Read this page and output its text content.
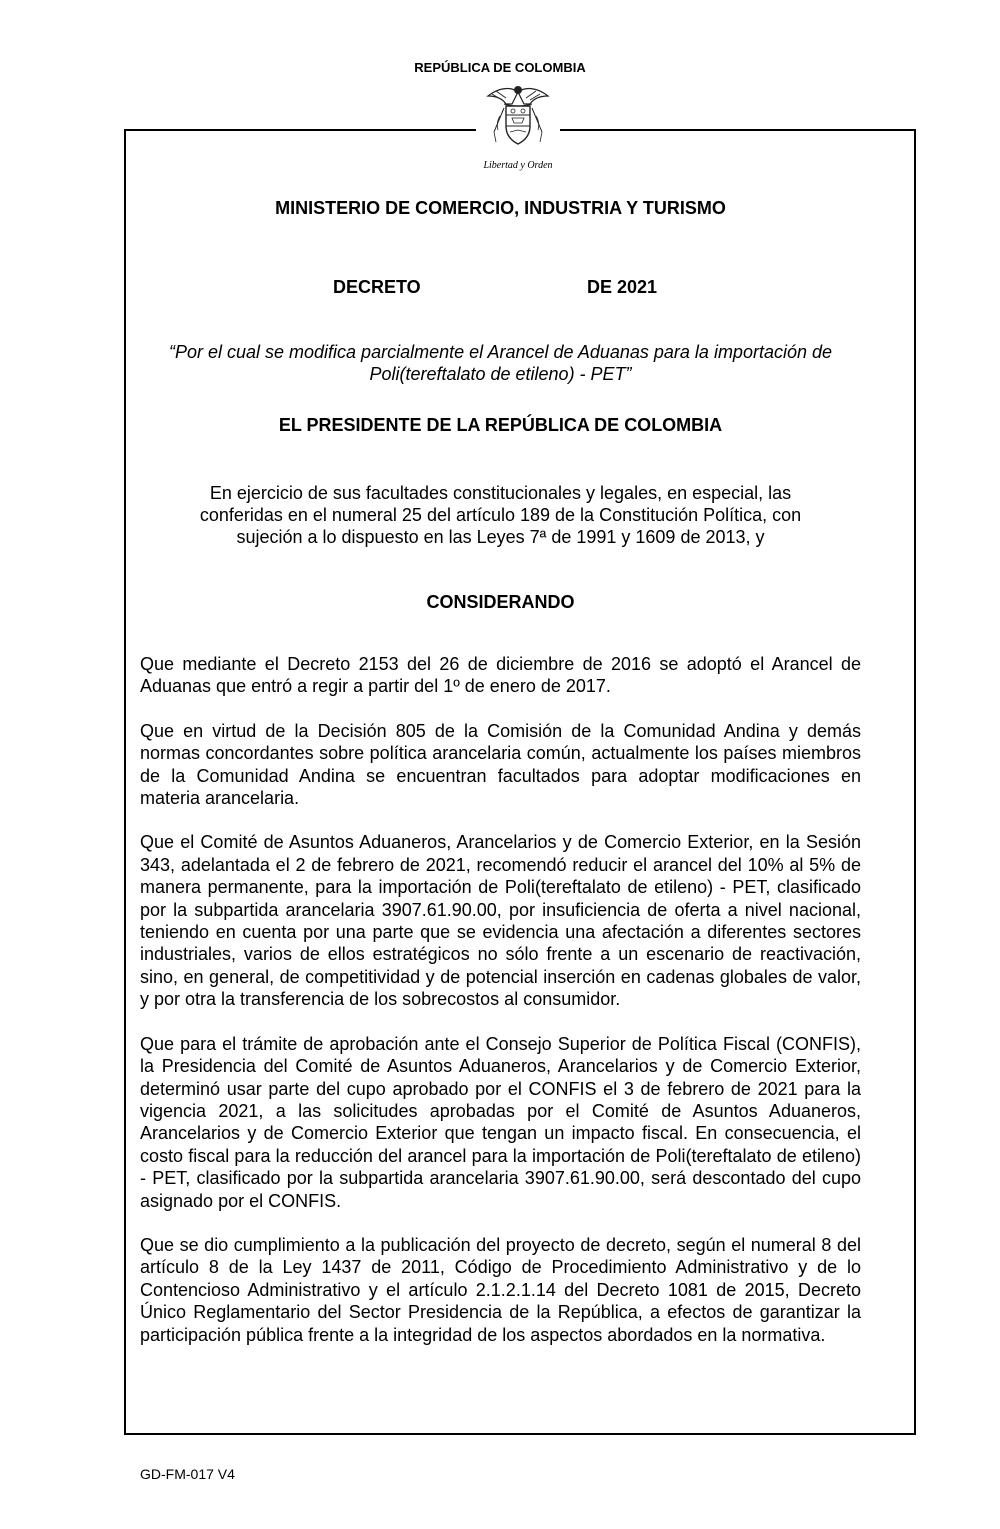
REPÚBLICA DE COLOMBIA
Libertad y Orden

MINISTERIO DE COMERCIO, INDUSTRIA Y TURISMO

DECRETO	DE 2021

“Por el cual se modifica parcialmente el Arancel de Aduanas para la importación de Poli(tereftalato de etileno) - PET”

EL PRESIDENTE DE LA REPÚBLICA DE COLOMBIA

En ejercicio de sus facultades constitucionales y legales, en especial, las conferidas en el numeral 25 del artículo 189 de la Constitución Política, con sujeción a lo dispuesto en las Leyes 7ª de 1991 y 1609 de 2013, y

CONSIDERANDO

Que mediante el Decreto 2153 del 26 de diciembre de 2016 se adoptó el Arancel de Aduanas que entró a regir a partir del 1º de enero de 2017.

Que en virtud de la Decisión 805 de la Comisión de la Comunidad Andina y demás normas concordantes sobre política arancelaria común, actualmente los países miembros de la Comunidad Andina se encuentran facultados para adoptar modificaciones en materia arancelaria.

Que el Comité de Asuntos Aduaneros, Arancelarios y de Comercio Exterior, en la Sesión 343, adelantada el 2 de febrero de 2021, recomendó reducir el arancel del 10% al 5% de manera permanente, para la importación de Poli(tereftalato de etileno) - PET, clasificado por la subpartida arancelaria 3907.61.90.00, por insuficiencia de oferta a nivel nacional, teniendo en cuenta por una parte que se evidencia una afectación a diferentes sectores industriales, varios de ellos estratégicos no sólo frente a un escenario de reactivación, sino, en general, de competitividad y de potencial inserción en cadenas globales de valor, y por otra la transferencia de los sobrecostos al consumidor.

Que para el trámite de aprobación ante el Consejo Superior de Política Fiscal (CONFIS), la Presidencia del Comité de Asuntos Aduaneros, Arancelarios y de Comercio Exterior, determinó usar parte del cupo aprobado por el CONFIS el 3 de febrero de 2021 para la vigencia 2021, a las solicitudes aprobadas por el Comité de Asuntos Aduaneros, Arancelarios y de Comercio Exterior que tengan un impacto fiscal. En consecuencia, el costo fiscal para la reducción del arancel para la importación de Poli(tereftalato de etileno) - PET, clasificado por la subpartida arancelaria 3907.61.90.00, será descontado del cupo asignado por el CONFIS.

Que se dio cumplimiento a la publicación del proyecto de decreto, según el numeral 8 del artículo 8 de la Ley 1437 de 2011, Código de Procedimiento Administrativo y de lo Contencioso Administrativo y el artículo 2.1.2.1.14 del Decreto 1081 de 2015, Decreto Único Reglamentario del Sector Presidencia de la República, a efectos de garantizar la participación pública frente a la integridad de los aspectos abordados en la normativa.

GD-FM-017 V4
